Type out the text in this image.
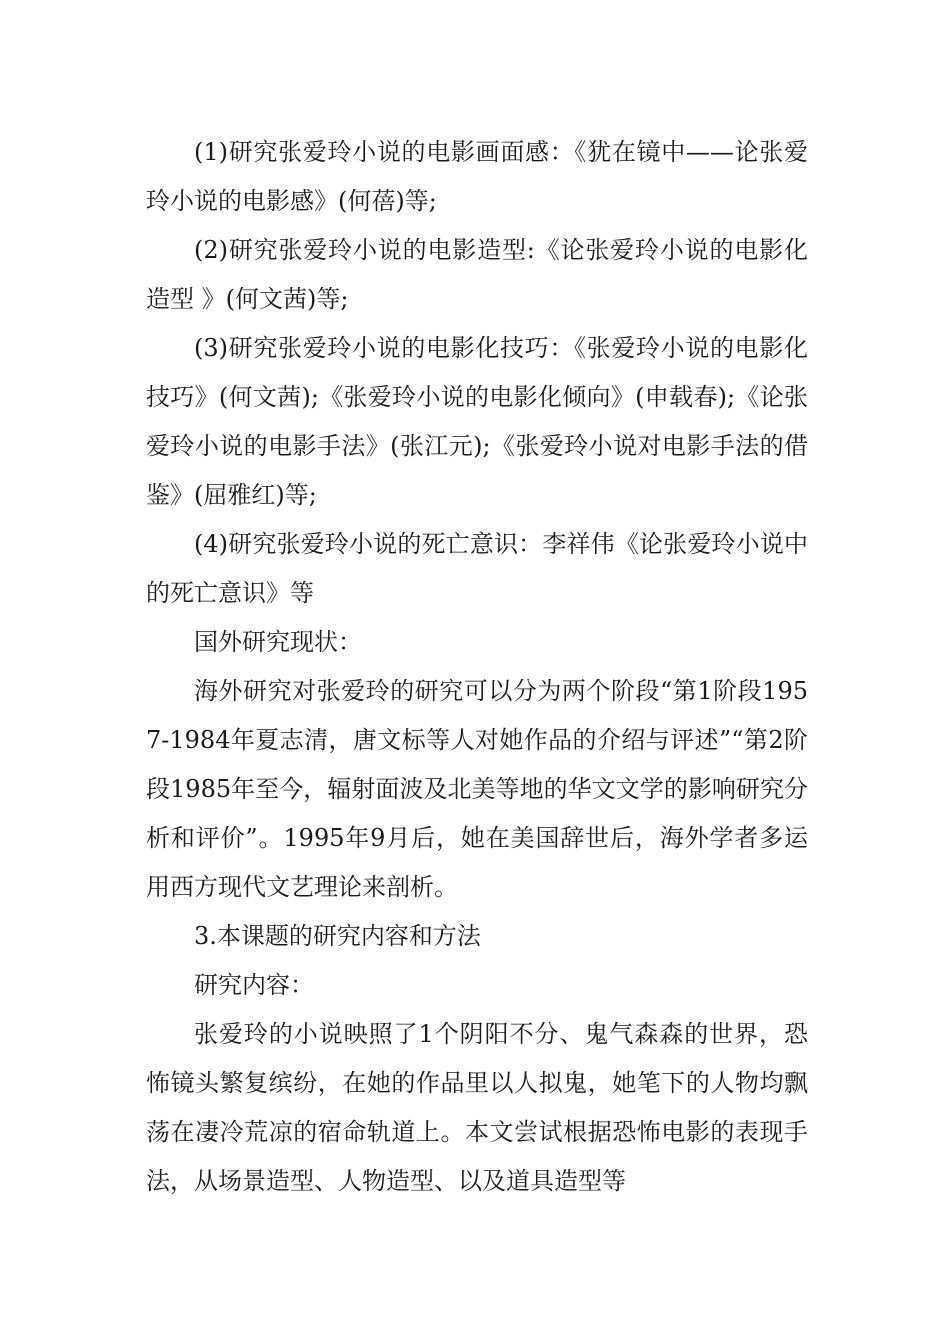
(1)研究张爱玲小说的电影画面感：《犹在镜中——论张爱玲小说的电影感》(何蓓)等;

(2)研究张爱玲小说的电影造型:《论张爱玲小说的电影化造型 》(何文茜)等;

(3)研究张爱玲小说的电影化技巧：《张爱玲小说的电影化技巧》(何文茜);《张爱玲小说的电影化倾向》(申载春);《论张爱玲小说的电影手法》(张江元);《张爱玲小说对电影手法的借鉴》(屈雅红)等;

(4)研究张爱玲小说的死亡意识：李祥伟《论张爱玲小说中的死亡意识》等

国外研究现状：

海外研究对张爱玲的研究可以分为两个阶段“第1阶段1957-1984年夏志清，唐文标等人对她作品的介绍与评述”“第2阶段1985年至今，辐射面波及北美等地的华文文学的影响研究分析和评价”。1995年9月后，她在美国辞世后，海外学者多运用西方现代文艺理论来剖析。

3.本课题的研究内容和方法

研究内容：

张爱玲的小说映照了1个阴阳不分、鬼气森森的世界，恐怖镜头繁复缤纷，在她的作品里以人拟鬼，她笔下的人物均飘荡在凄冷荒凉的宿命轨道上。本文尝试根据恐怖电影的表现手法，从场景造型、人物造型、以及道具造型等
